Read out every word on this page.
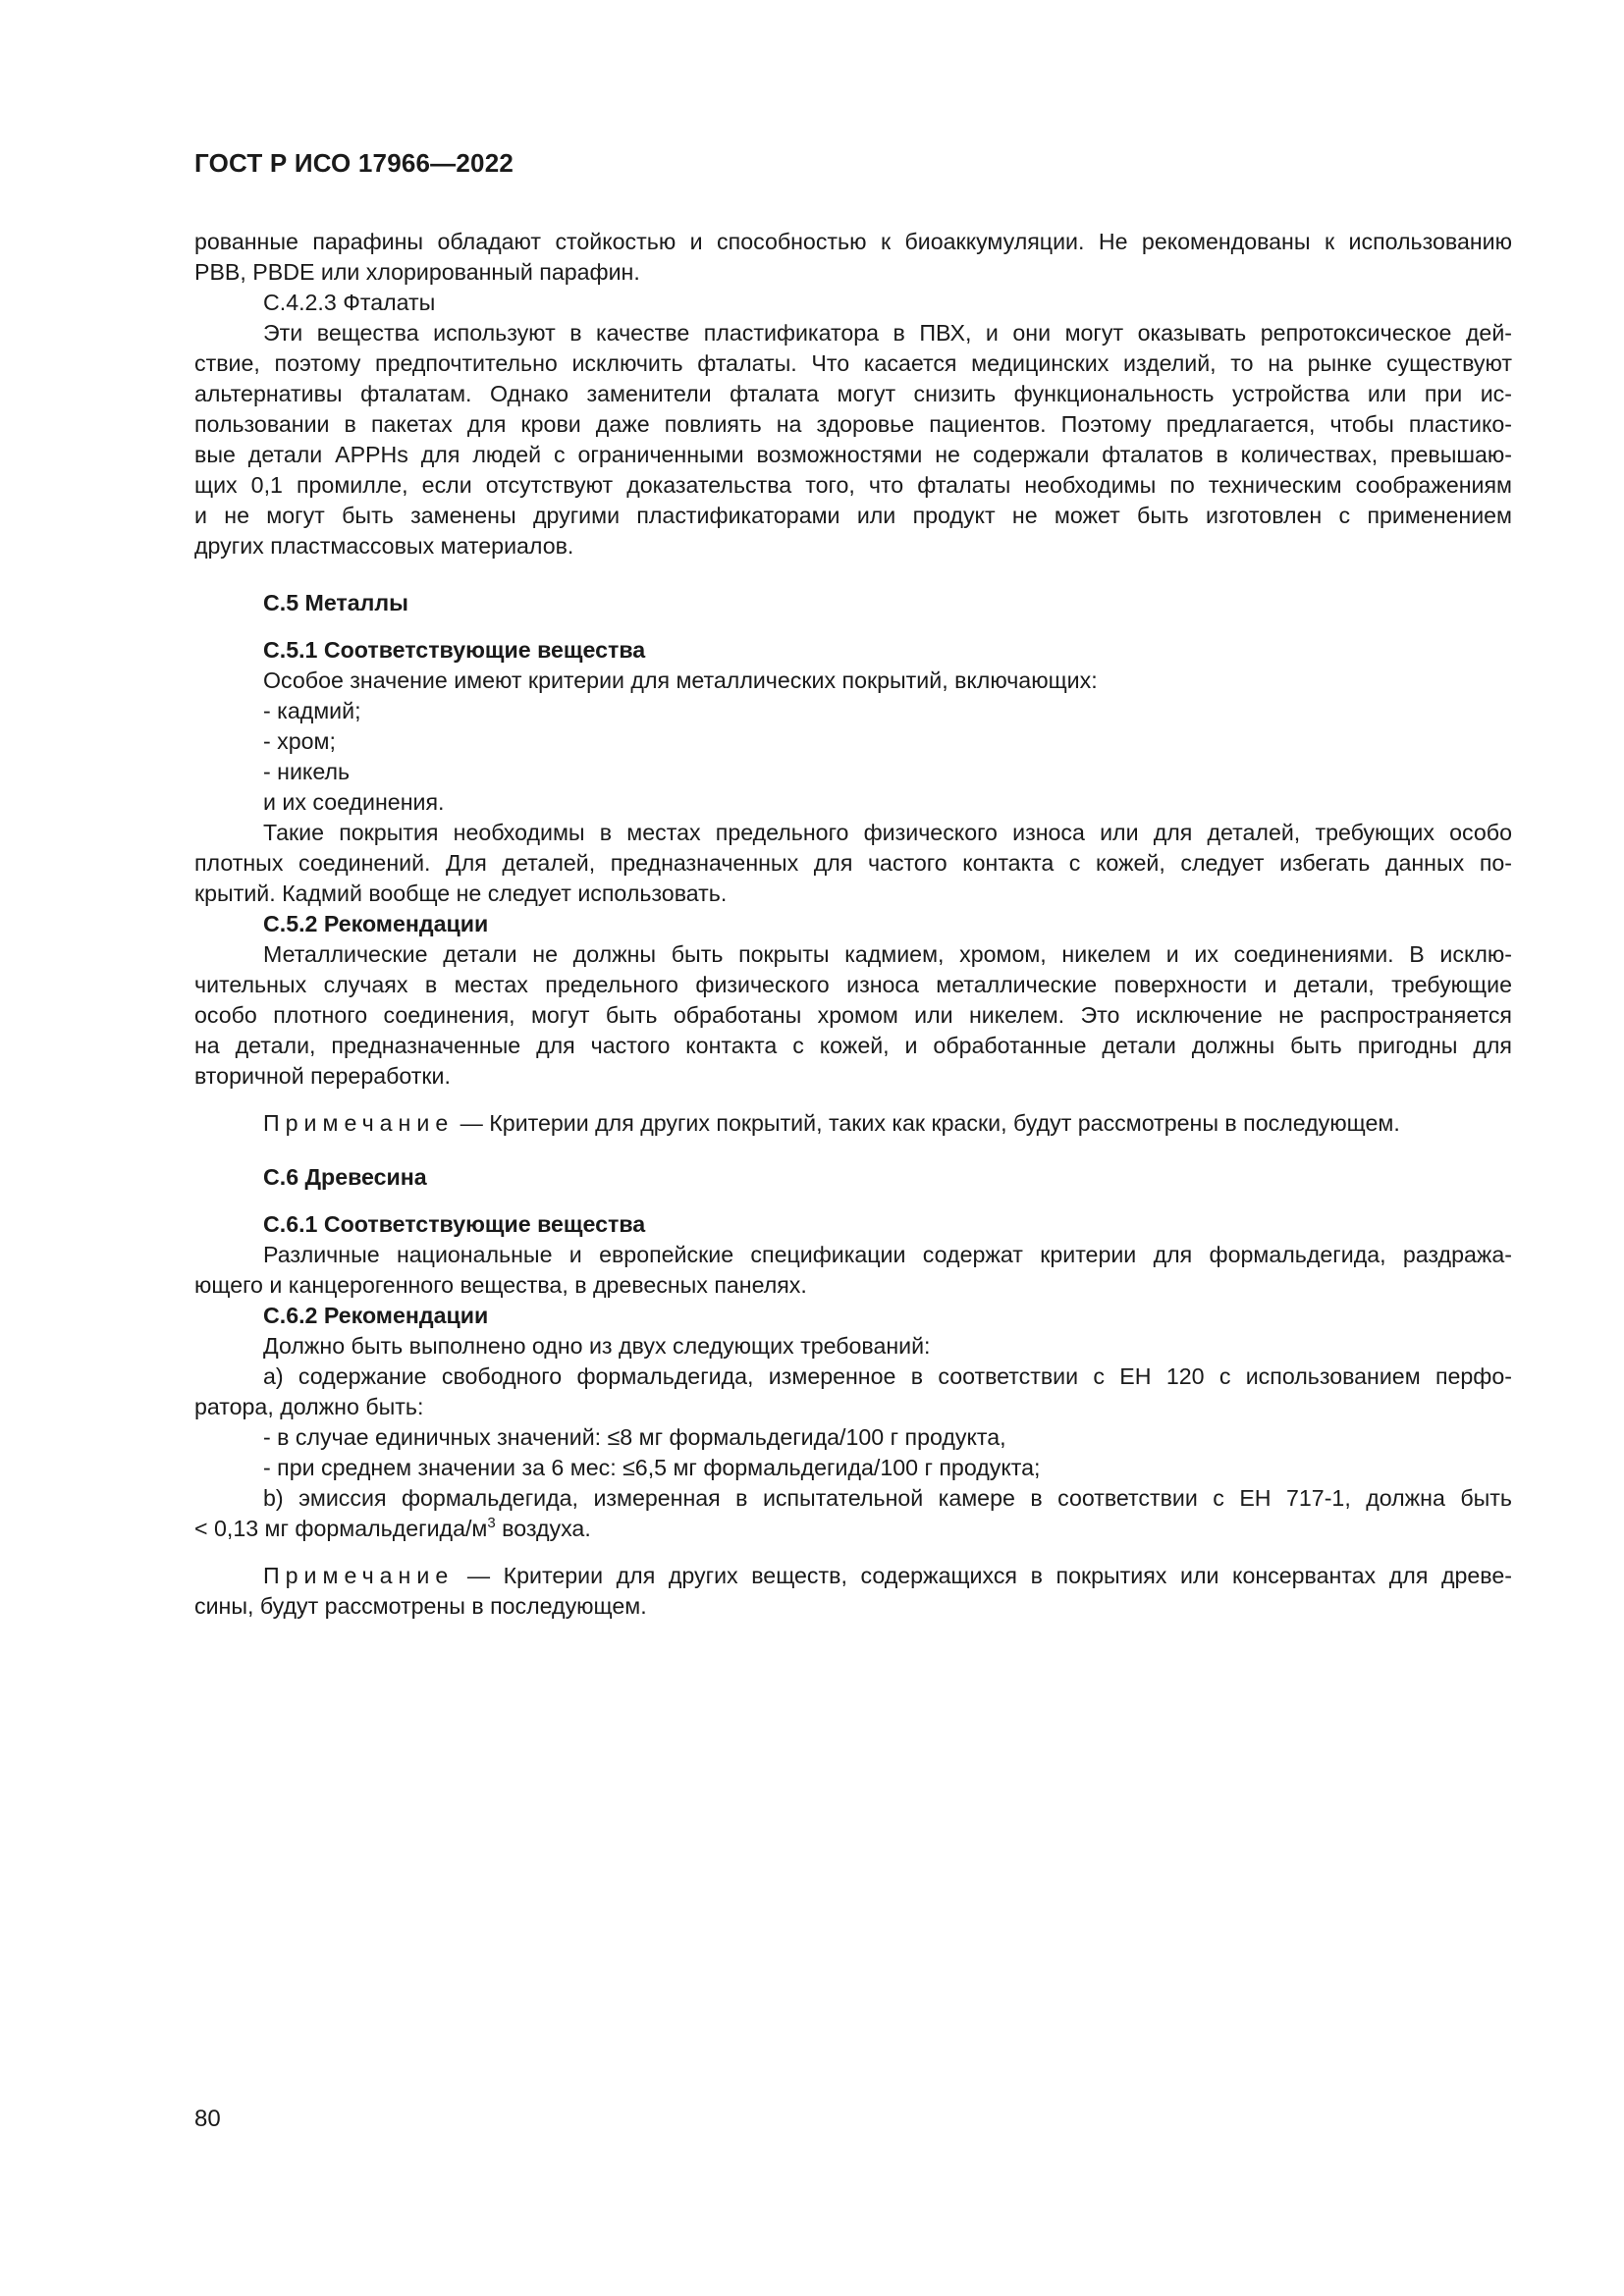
ГОСТ Р ИСО 17966—2022

рованные парафины обладают стойкостью и способностью к биоаккумуляции. Не рекомендованы к использованию

PBB, PBDE или хлорированный парафин.

С.4.2.3 Фталаты

Эти вещества используют в качестве пластификатора в ПВХ, и они могут оказывать репротоксическое дей-

ствие, поэтому предпочтительно исключить фталаты. Что касается медицинских изделий, то на рынке существуют

альтернативы фталатам. Однако заменители фталата могут снизить функциональность устройства или при ис-

пользовании в пакетах для крови даже повлиять на здоровье пациентов. Поэтому предлагается, чтобы пластико-

вые детали APPHs для людей с ограниченными возможностями не содержали фталатов в количествах, превышаю-

щих 0,1 промилле, если отсутствуют доказательства того, что фталаты необходимы по техническим соображениям

и не могут быть заменены другими пластификаторами или продукт не может быть изготовлен с применением

других пластмассовых материалов.

С.5 Металлы

С.5.1 Соответствующие вещества

Особое значение имеют критерии для металлических покрытий, включающих:

- кадмий;

- хром;

- никель

и их соединения.

Такие покрытия необходимы в местах предельного физического износа или для деталей, требующих особо

плотных соединений. Для деталей, предназначенных для частого контакта с кожей, следует избегать данных по-

крытий. Кадмий вообще не следует использовать.

С.5.2 Рекомендации

Металлические детали не должны быть покрыты кадмием, хромом, никелем и их соединениями. В исклю-

чительных случаях в местах предельного физического износа металлические поверхности и детали, требующие

особо плотного соединения, могут быть обработаны хромом или никелем. Это исключение не распространяется

на детали, предназначенные для частого контакта с кожей, и обработанные детали должны быть пригодны для

вторичной переработки.

Примечание — Критерии для других покрытий, таких как краски, будут рассмотрены в последующем.

С.6 Древесина

С.6.1 Соответствующие вещества

Различные национальные и европейские спецификации содержат критерии для формальдегида, раздража-

ющего и канцерогенного вещества, в древесных панелях.

С.6.2 Рекомендации

Должно быть выполнено одно из двух следующих требований:

a) содержание свободного формальдегида, измеренное в соответствии с ЕН 120 с использованием перфо-

ратора, должно быть:

- в случае единичных значений: ≤8 мг формальдегида/100 г продукта,

- при среднем значении за 6 мес: ≤6,5 мг формальдегида/100 г продукта;

b) эмиссия формальдегида, измеренная в испытательной камере в соответствии с ЕН 717-1, должна быть

< 0,13 мг формальдегида/$м^3$ воздуха.

Примечание — Критерии для других веществ, содержащихся в покрытиях или консервантах для древе-

сины, будут рассмотрены в последующем.

80
